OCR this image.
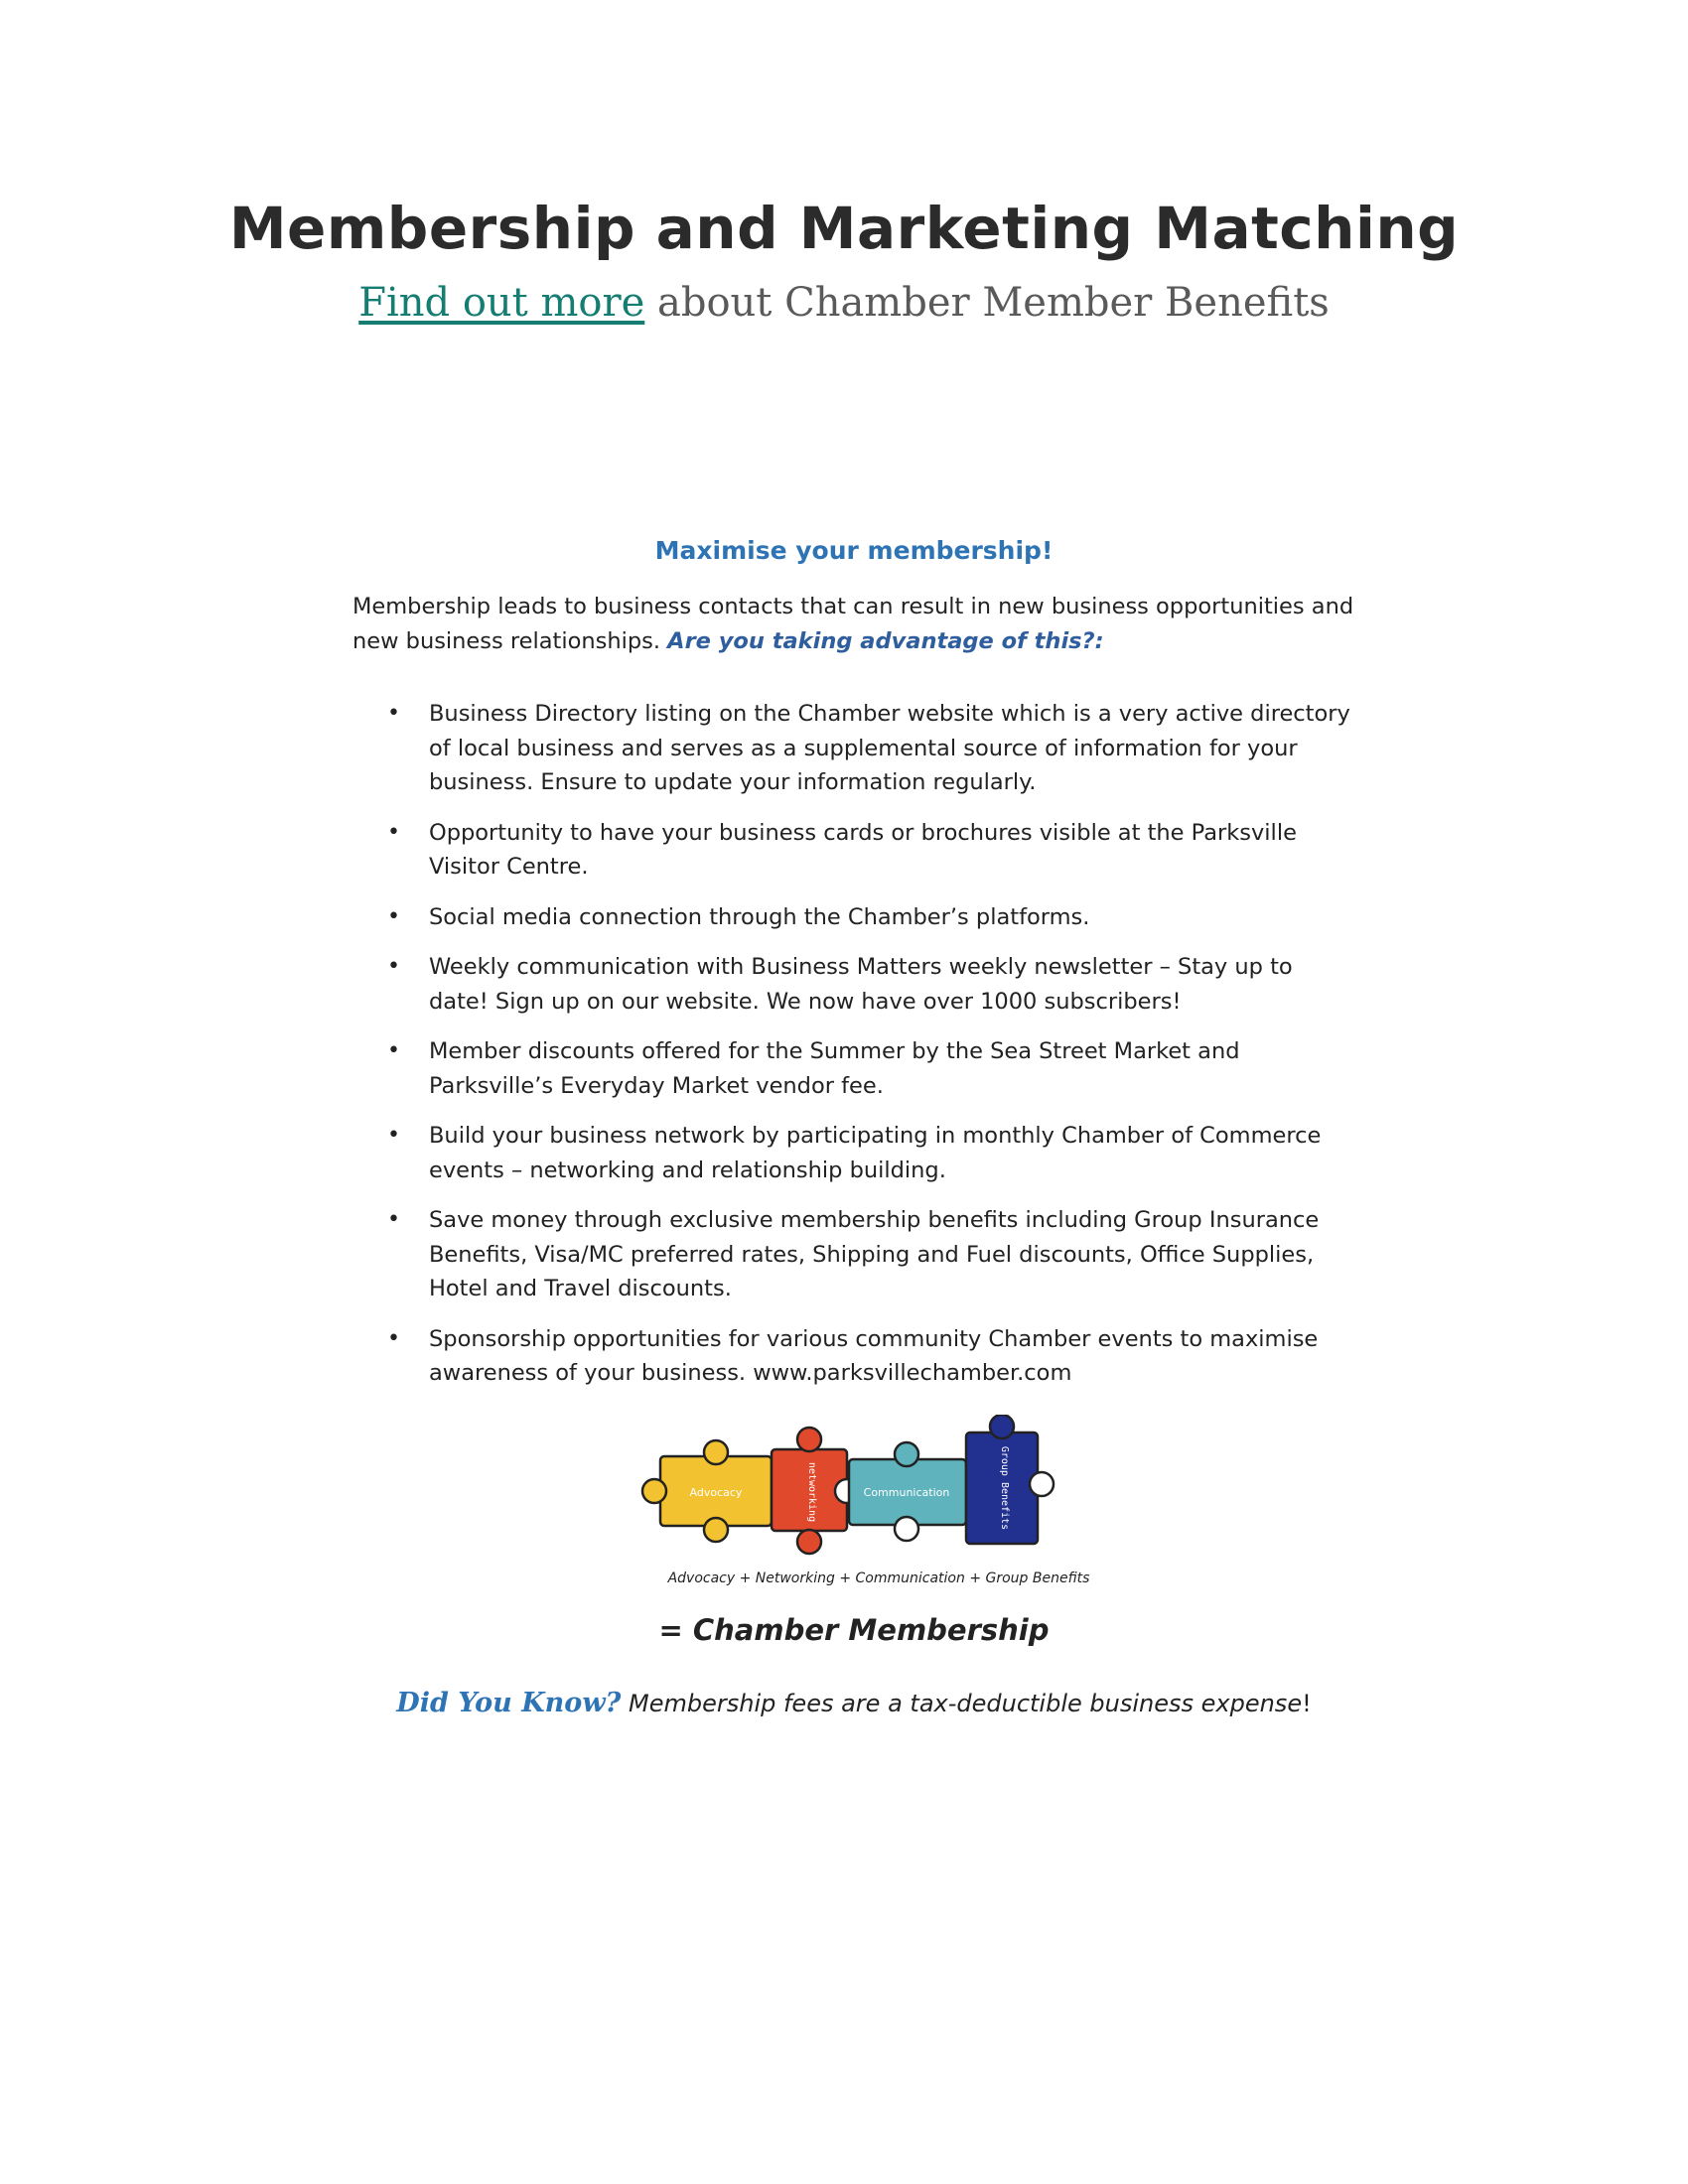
Membership and Marketing Matching

Find out more about Chamber Member Benefits

Maximise your membership!

Membership leads to business contacts that can result in new business opportunities and new business relationships. Are you taking advantage of this?:

• Business Directory listing on the Chamber website which is a very active directory of local business and serves as a supplemental source of information for your business. Ensure to update your information regularly.
• Opportunity to have your business cards or brochures visible at the Parksville Visitor Centre.
• Social media connection through the Chamber’s platforms.
• Weekly communication with Business Matters weekly newsletter – Stay up to date! Sign up on our website. We now have over 1000 subscribers!
• Member discounts offered for the Summer by the Sea Street Market and Parksville’s Everyday Market vendor fee.
• Build your business network by participating in monthly Chamber of Commerce events – networking and relationship building.
• Save money through exclusive membership benefits including Group Insurance Benefits, Visa/MC preferred rates, Shipping and Fuel discounts, Office Supplies, Hotel and Travel discounts.
• Sponsorship opportunities for various community Chamber events to maximise awareness of your business. www.parksvillechamber.com
Advocacy	networking	Communication	Group Benefits
Advocacy + Networking + Communication + Group Benefits
= Chamber Membership
Did You Know? Membership fees are a tax-deductible business expense!
